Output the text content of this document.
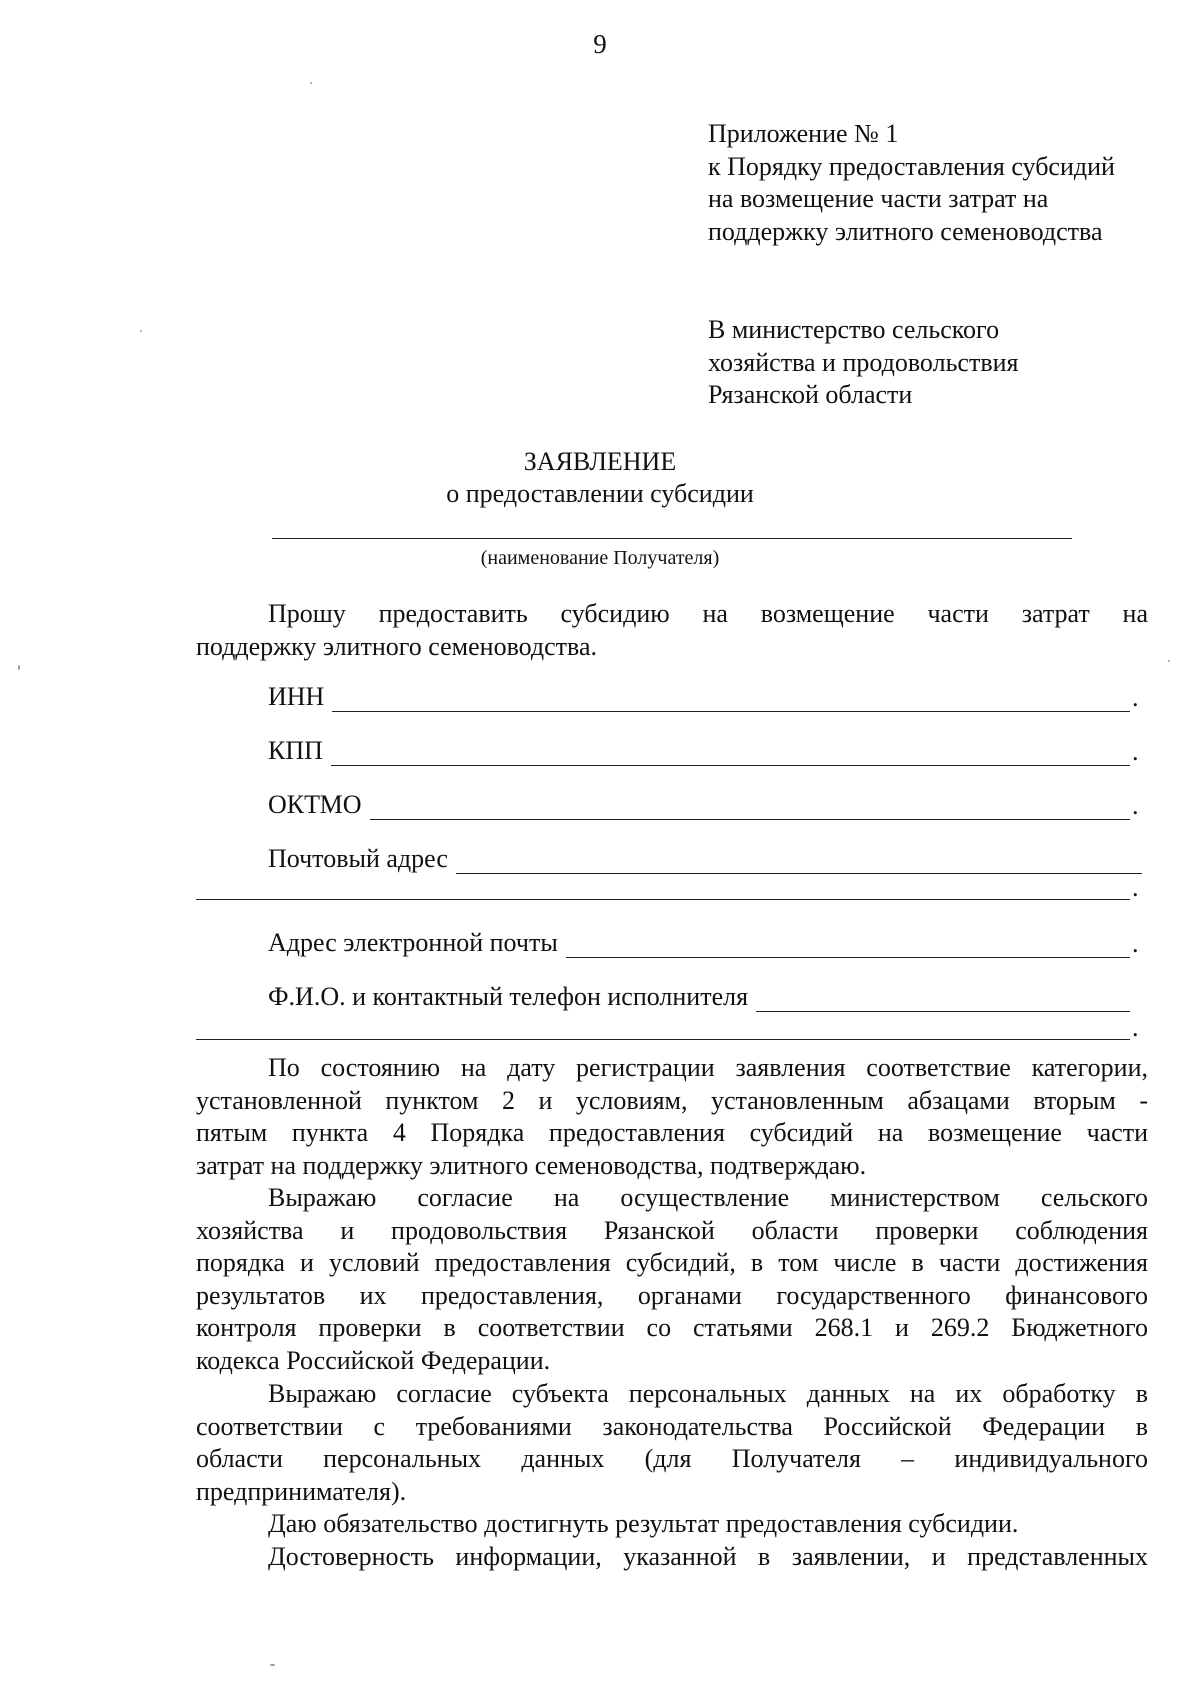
9
Приложение № 1
к Порядку предоставления субсидий
на возмещение части затрат на
поддержку элитного семеноводства
В министерство сельского
хозяйства и продовольствия
Рязанской области
ЗАЯВЛЕНИЕ
о предоставлении субсидии
(наименование Получателя)
Прошу предоставить субсидию на возмещение части затрат на
поддержку элитного семеноводства.
ИНН	.
КПП	.
ОКТМО	.
Почтовый адрес
.
Адрес электронной почты	.
Ф.И.О. и контактный телефон исполнителя
.
По состоянию на дату регистрации заявления соответствие категории,
установленной пунктом 2 и условиям, установленным абзацами вторым -
пятым пункта 4 Порядка предоставления субсидий на возмещение части
затрат на поддержку элитного семеноводства, подтверждаю.
Выражаю согласие на осуществление министерством сельского
хозяйства и продовольствия Рязанской области проверки соблюдения
порядка и условий предоставления субсидий, в том числе в части достижения
результатов их предоставления, органами государственного финансового
контроля проверки в соответствии со статьями 268.1 и 269.2 Бюджетного
кодекса Российской Федерации.
Выражаю согласие субъекта персональных данных на их обработку в
соответствии с требованиями законодательства Российской Федерации в
области персональных данных (для Получателя – индивидуального
предпринимателя).
Даю обязательство достигнуть результат предоставления субсидии.
Достоверность информации, указанной в заявлении, и представленных
